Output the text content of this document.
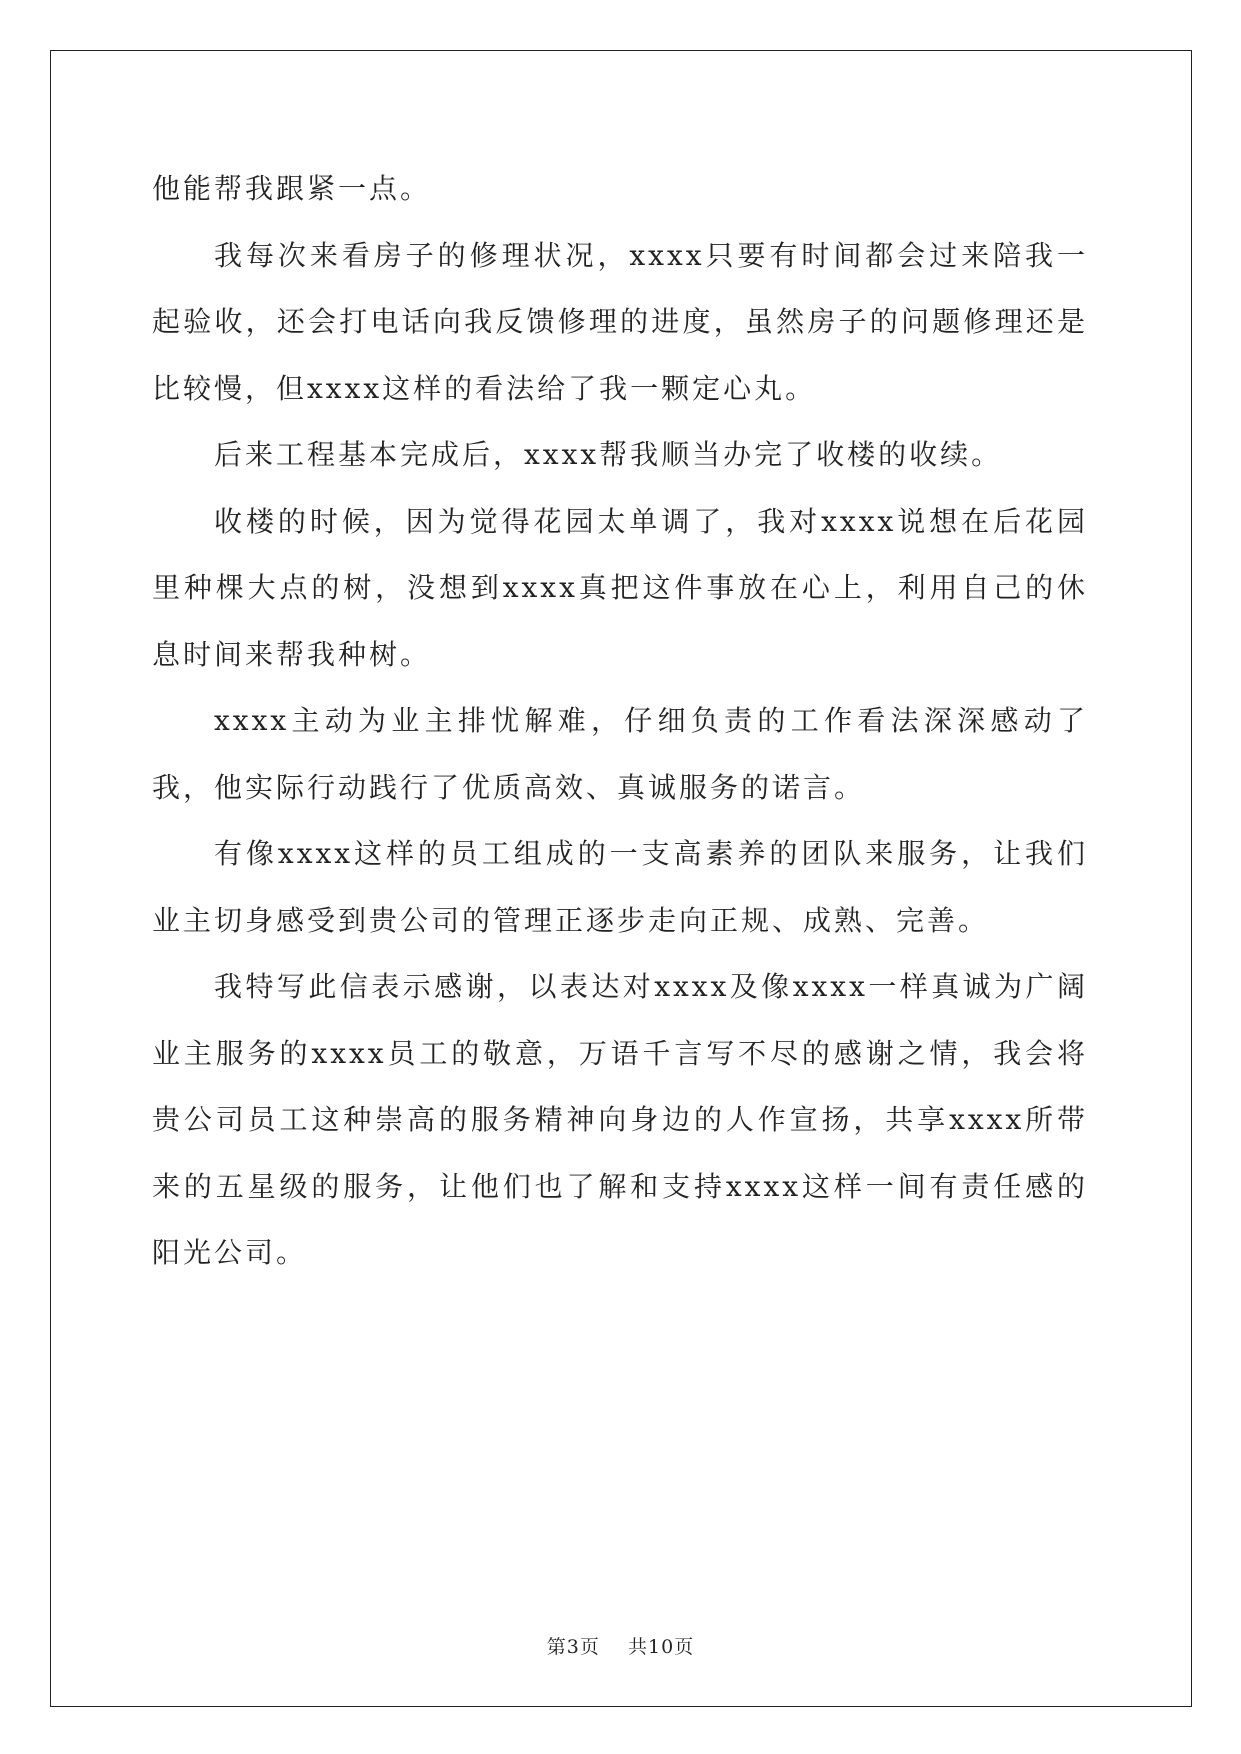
他能帮我跟紧一点。

我每次来看房子的修理状况，xxxx只要有时间都会过来陪我一起验收，还会打电话向我反馈修理的进度，虽然房子的问题修理还是比较慢，但xxxx这样的看法给了我一颗定心丸。

后来工程基本完成后，xxxx帮我顺当办完了收楼的收续。

收楼的时候，因为觉得花园太单调了，我对xxxx说想在后花园里种棵大点的树，没想到xxxx真把这件事放在心上，利用自己的休息时间来帮我种树。

xxxx主动为业主排忧解难，仔细负责的工作看法深深感动了我，他实际行动践行了优质高效、真诚服务的诺言。

有像xxxx这样的员工组成的一支高素养的团队来服务，让我们业主切身感受到贵公司的管理正逐步走向正规、成熟、完善。

我特写此信表示感谢，以表达对xxxx及像xxxx一样真诚为广阔业主服务的xxxx员工的敬意，万语千言写不尽的感谢之情，我会将贵公司员工这种崇高的服务精神向身边的人作宣扬，共享xxxx所带来的五星级的服务，让他们也了解和支持xxxx这样一间有责任感的阳光公司。

第3页 共10页
